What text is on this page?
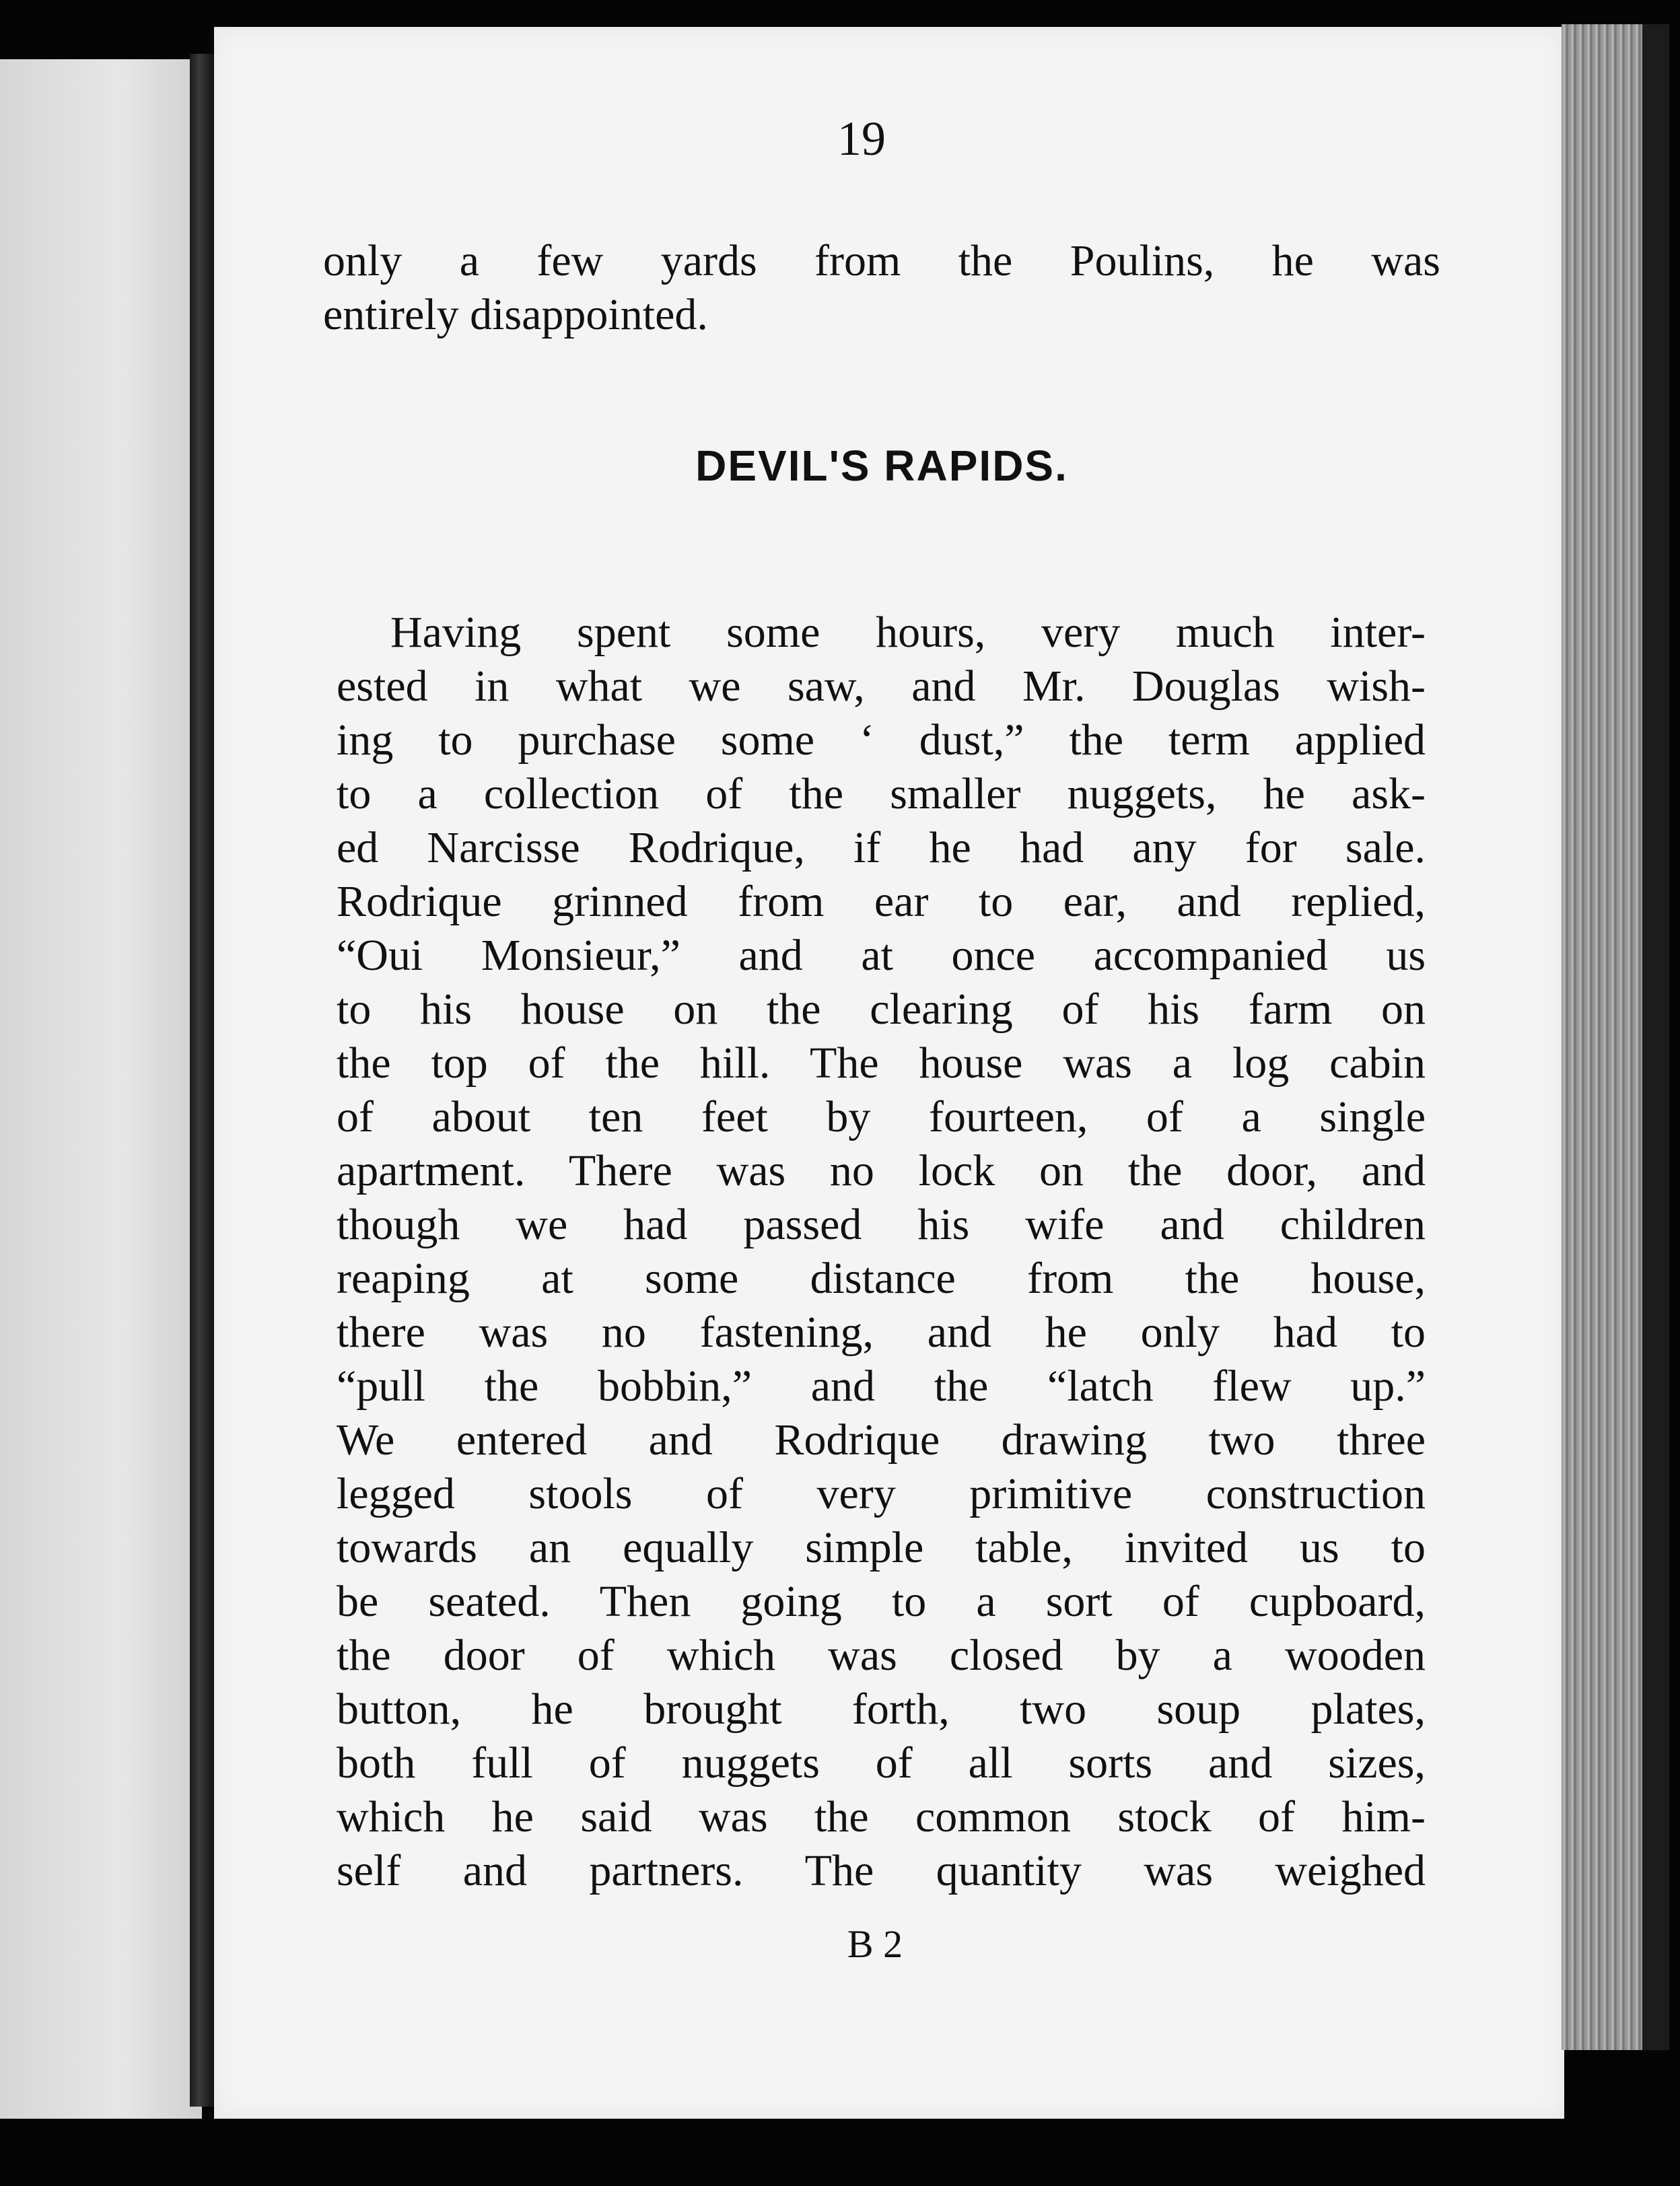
19
only a few yards from the Poulins, he was
entirely disappointed.
DEVIL'S RAPIDS.
Having spent some hours, very much inter-
ested in what we saw, and Mr. Douglas wish-
ing to purchase some ‘ dust,” the term applied
to a collection of the smaller nuggets, he ask-
ed Narcisse Rodrique, if he had any for sale.
Rodrique grinned from ear to ear, and replied,
“Oui Monsieur,” and at once accompanied us
to his house on the clearing of his farm on
the top of the hill. The house was a log cabin
of about ten feet by fourteen, of a single
apartment. There was no lock on the door, and
though we had passed his wife and children
reaping at some distance from the house,
there was no fastening, and he only had to
“pull the bobbin,” and the “latch flew up.”
We entered and Rodrique drawing two three
legged stools of very primitive construction
towards an equally simple table, invited us to
be seated. Then going to a sort of cupboard,
the door of which was closed by a wooden
button, he brought forth, two soup plates,
both full of nuggets of all sorts and sizes,
which he said was the common stock of him-
self and partners. The quantity was weighed
B 2
